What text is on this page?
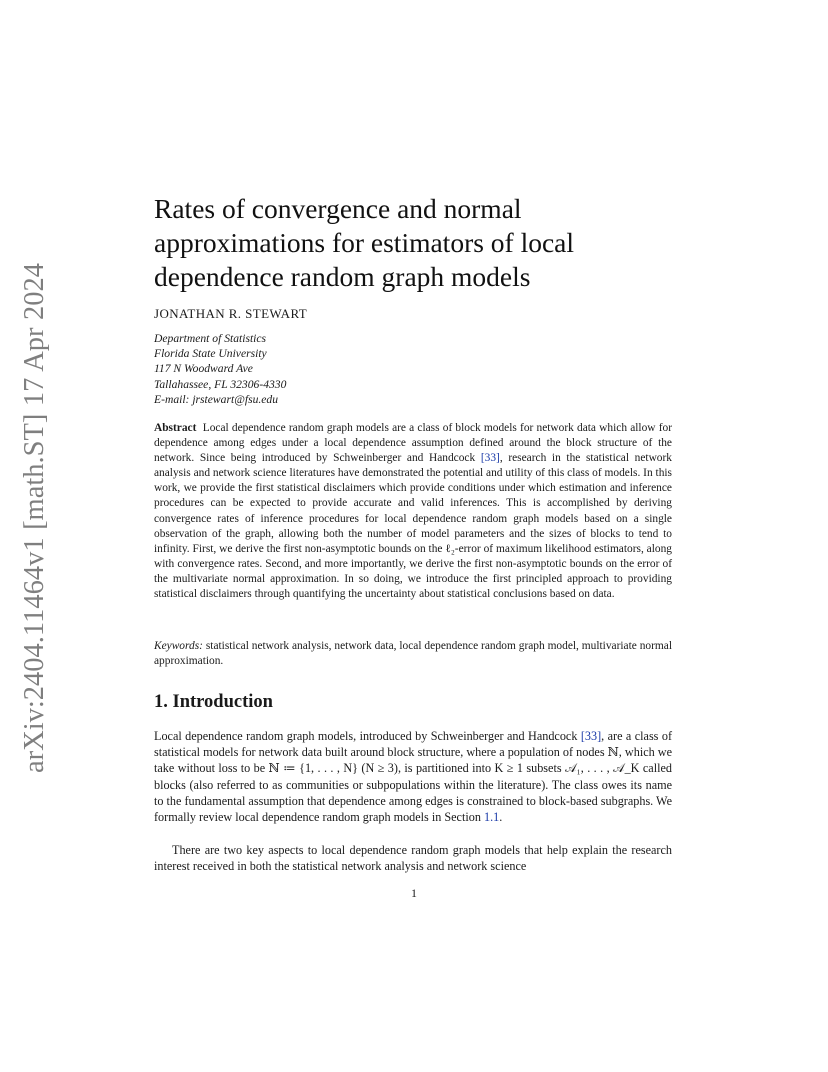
arXiv:2404.11464v1 [math.ST] 17 Apr 2024
Rates of convergence and normal approximations for estimators of local dependence random graph models

JONATHAN R. STEWART

Department of Statistics
Florida State University
117 N Woodward Ave
Tallahassee, FL 32306-4330
E-mail: jrstewart@fsu.edu

Abstract Local dependence random graph models are a class of block models for network data which allow for dependence among edges under a local dependence assumption defined around the block structure of the network. Since being introduced by Schweinberger and Handcock [33], research in the statistical network analysis and network science literatures have demonstrated the potential and utility of this class of models. In this work, we provide the first statistical disclaimers which provide conditions under which estimation and inference procedures can be expected to provide accurate and valid inferences. This is accomplished by deriving convergence rates of inference procedures for local dependence random graph models based on a single observation of the graph, allowing both the number of model parameters and the sizes of blocks to tend to infinity. First, we derive the first non-asymptotic bounds on the ℓ₂-error of maximum likelihood estimators, along with convergence rates. Second, and more importantly, we derive the first non-asymptotic bounds on the error of the multivariate normal approximation. In so doing, we introduce the first principled approach to providing statistical disclaimers through quantifying the uncertainty about statistical conclusions based on data.

Keywords: statistical network analysis, network data, local dependence random graph model, multivariate normal approximation.

1. Introduction

Local dependence random graph models, introduced by Schweinberger and Handcock [33], are a class of statistical models for network data built around block structure, where a population of nodes ℕ, which we take without loss to be ℕ ≔ {1, . . . , N} (N ≥ 3), is partitioned into K ≥ 1 subsets 𝒜₁, . . . , 𝒜_K called blocks (also referred to as communities or subpopulations within the literature). The class owes its name to the fundamental assumption that dependence among edges is constrained to block-based subgraphs. We formally review local dependence random graph models in Section 1.1.

There are two key aspects to local dependence random graph models that help explain the research interest received in both the statistical network analysis and network science

1
